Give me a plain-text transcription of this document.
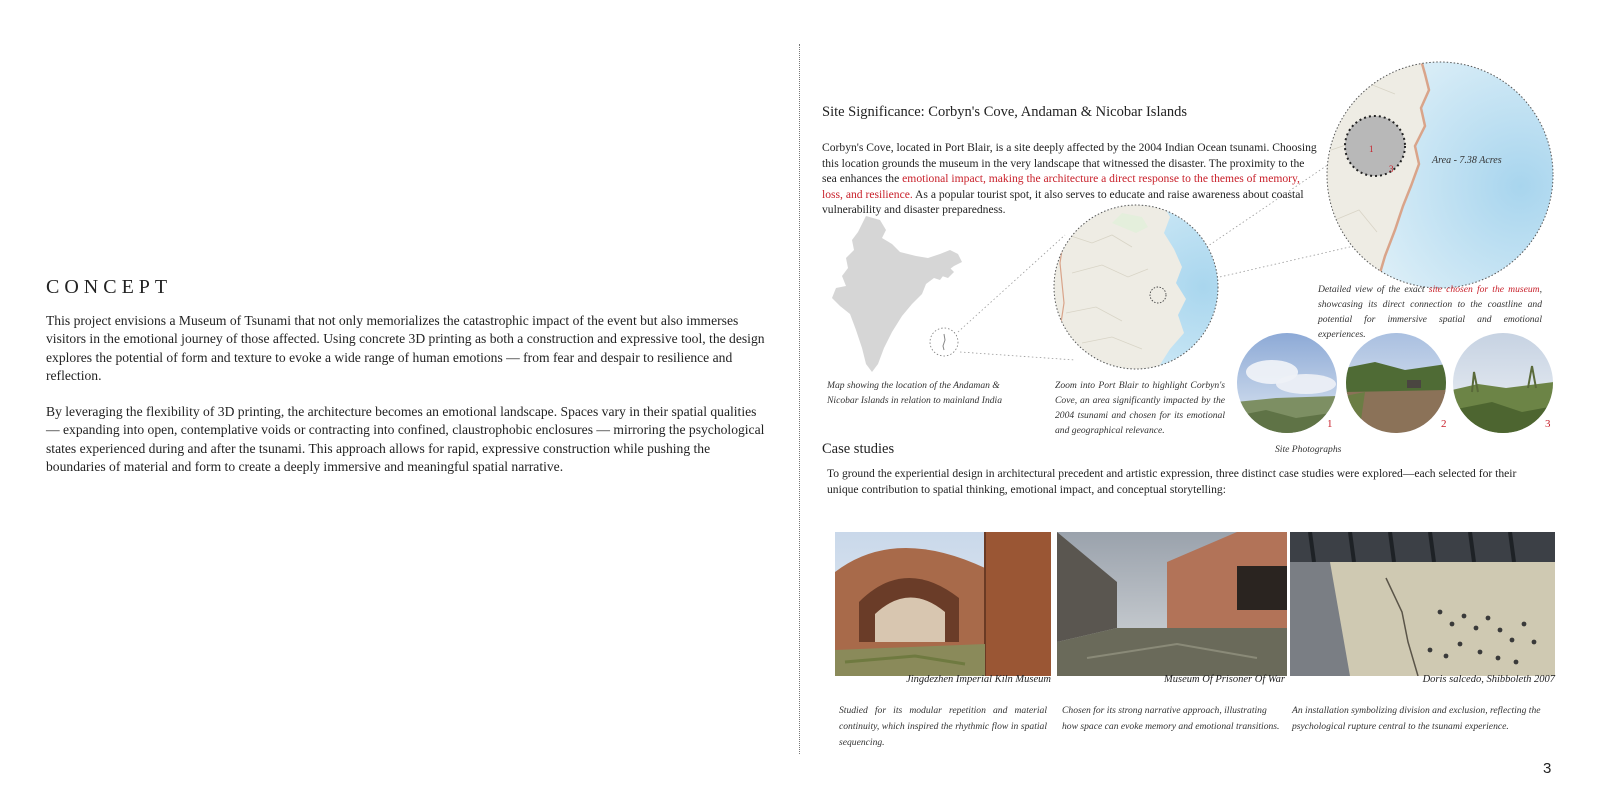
CONCEPT

This project envisions a Museum of Tsunami that not only memorializes the catastrophic impact of the event but also immerses visitors in the emotional journey of those affected. Using concrete 3D printing as both a construction and expressive tool, the design explores the potential of form and texture to evoke a wide range of human emotions — from fear and despair to resilience and reflection.

By leveraging the flexibility of 3D printing, the architecture becomes an emotional landscape. Spaces vary in their spatial qualities — expanding into open, contemplative voids or contracting into confined, claustrophobic enclosures — mirroring the psychological states experienced during and after the tsunami. This approach allows for rapid, expressive construction while pushing the boundaries of material and form to create a deeply immersive and meaningful spatial narrative.

Site Significance: Corbyn's Cove, Andaman & Nicobar Islands

Corbyn's Cove, located in Port Blair, is a site deeply affected by the 2004 Indian Ocean tsunami. Choosing this location grounds the museum in the very landscape that witnessed the disaster. The proximity to the sea enhances the emotional impact, making the architecture a direct response to the themes of memory, loss, and resilience. As a popular tourist spot, it also serves to educate and raise awareness about coastal vulnerability and disaster preparedness.

Map showing the location of the Andaman & Nicobar Islands in relation to mainland India

Zoom into Port Blair to highlight Corbyn's Cove, an area significantly impacted by the 2004 tsunami and chosen for its emotional and geographical relevance.

1
3
Area - 7.38 Acres

Detailed view of the exact site chosen for the museum, showcasing its direct connection to the coastline and potential for immersive spatial and emotional experiences.

1	2	3

Site Photographs

Case studies

To ground the experiential design in architectural precedent and artistic expression, three distinct case studies were explored—each selected for their unique contribution to spatial thinking, emotional impact, and conceptual storytelling:

Jingdezhen Imperial Kiln Museum	Museum Of Prisoner Of War	Doris salcedo, Shibboleth 2007

Studied for its modular repetition and material continuity, which inspired the rhythmic flow in spatial sequencing.

Chosen for its strong narrative approach, illustrating how space can evoke memory and emotional transitions.

An installation symbolizing division and exclusion, reflecting the psychological rupture central to the tsunami experience.

3
